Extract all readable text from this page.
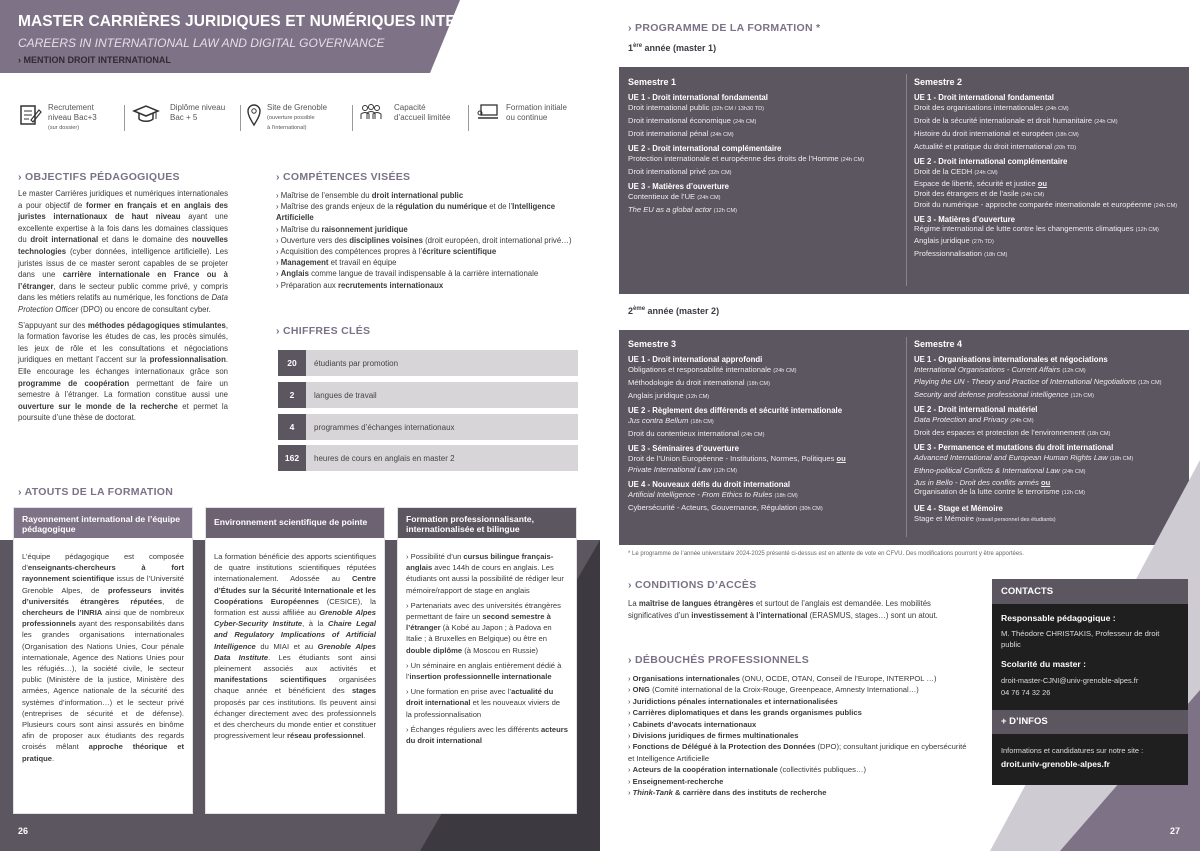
MASTER CARRIÈRES JURIDIQUES ET NUMÉRIQUES INTERNATIONALES
CAREERS IN INTERNATIONAL LAW AND DIGITAL GOVERNANCE
› MENTION DROIT INTERNATIONAL
Recrutement
niveau Bac+3
(sur dossier)
Diplôme niveau
Bac + 5
Site de Grenoble
(ouverture possible
à l’international)
Capacité
d’accueil limitée
Formation initiale
ou continue
› OBJECTIFS PÉDAGOGIQUES
Le master Carrières juridiques et numériques internationales a pour objectif de former en français et en anglais des juristes internationaux de haut niveau ayant une excellente expertise à la fois dans les domaines classiques du droit international et dans le domaine des nouvelles technologies (cyber données, intelligence artificielle). Les juristes issus de ce master seront capables de se projeter dans une carrière internationale en France ou à l’étranger, dans le secteur public comme privé, y compris dans les métiers relatifs au numérique, les fonctions de Data Protection Officer (DPO) ou encore de consultant cyber.

S’appuyant sur des méthodes pédagogiques stimulantes, la formation favorise les études de cas, les procès simulés, les jeux de rôle et les consultations et négociations juridiques en mettant l’accent sur la professionnalisation. Elle encourage les échanges internationaux grâce son programme de coopération permettant de faire un semestre à l’étranger. La formation constitue aussi une ouverture sur le monde de la recherche et permet la poursuite d’une thèse de doctorat.
› COMPÉTENCES VISÉES
› Maîtrise de l’ensemble du droit international public
› Maîtrise des grands enjeux de la régulation du numérique et de l’Intelligence Artificielle
› Maîtrise du raisonnement juridique
› Ouverture vers des disciplines voisines (droit européen, droit international privé…)
› Acquisition des compétences propres à l’écriture scientifique
› Management et travail en équipe
› Anglais comme langue de travail indispensable à la carrière internationale
› Préparation aux recrutements internationaux
› CHIFFRES CLÉS
20	étudiants par promotion
2	langues de travail
4	programmes d’échanges internationaux
162	heures de cours en anglais en master 2
› ATOUTS DE LA FORMATION
Rayonnement international de l’équipe pédagogique
L’équipe pédagogique est composée d’enseignants-chercheurs à fort rayonnement scientifique issus de l’Université Grenoble Alpes, de professeurs invités d’universités étrangères réputées, de chercheurs de l’INRIA ainsi que de nombreux professionnels ayant des responsabilités dans les grandes organisations internationales (Organisation des Nations Unies, Cour pénale internationale, Agence des Nations Unies pour les réfugiés…), la société civile, le secteur public (Ministère de la justice, Ministère des armées, Agence nationale de la sécurité des systèmes d’information…) et le secteur privé (entreprises de sécurité et de défense). Plusieurs cours sont ainsi assurés en binôme afin de proposer aux étudiants des regards croisés mêlant approche théorique et pratique.
Environnement scientifique de pointe
La formation bénéficie des apports scientifiques de quatre institutions scientifiques réputées internationalement. Adossée au Centre d’Études sur la Sécurité Internationale et les Coopérations Européennes (CESICE), la formation est aussi affiliée au Grenoble Alpes Cyber-Security Institute, à la Chaire Legal and Regulatory Implications of Artificial Intelligence du MIAI et au Grenoble Alpes Data Institute. Les étudiants sont ainsi pleinement associés aux activités et manifestations scientifiques organisées chaque année et bénéficient des stages proposés par ces institutions. Ils peuvent ainsi échanger directement avec des professionnels et des chercheurs du monde entier et constituer progressivement leur réseau professionnel.
Formation professionnalisante, internationalisée et bilingue

› Possibilité d’un cursus bilingue français-anglais avec 144h de cours en anglais. Les étudiants ont aussi la possibilité de rédiger leur mémoire/rapport de stage en anglais

› Partenariats avec des universités étrangères permettant de faire un second semestre à l’étranger (à Kobé au Japon ; à Padova en Italie ; à Bruxelles en Belgique) ou être en double diplôme (à Moscou en Russie)

› Un séminaire en anglais entièrement dédié à l’insertion professionnelle internationale

› Une formation en prise avec l’actualité du droit international et les nouveaux viviers de la professionnalisation

› Échanges réguliers avec les différents acteurs du droit international

26
› PROGRAMME DE LA FORMATION *
1ère année (master 1)
Semestre 1
UE 1 - Droit international fondamental
Droit international public (32h CM / 13h30 TD)
Droit international économique (24h CM)
Droit international pénal (24h CM)
UE 2 - Droit international complémentaire
Protection internationale et européenne des droits de l’Homme (24h CM)
Droit international privé (32h CM)
UE 3 - Matières d’ouverture
Contentieux de l’UE (24h CM)
The EU as a global actor (12h CM)
Semestre 2
UE 1 - Droit international fondamental
Droit des organisations internationales (24h CM)
Droit de la sécurité internationale et droit humanitaire (24h CM)
Histoire du droit international et européen (18h CM)
Actualité et pratique du droit international (20h TD)
UE 2 - Droit international complémentaire
Droit de la CEDH (24h CM)
Espace de liberté, sécurité et justice ou
Droit des étrangers et de l’asile (24h CM)
Droit du numérique - approche comparée internationale et européenne (24h CM)
UE 3 - Matières d’ouverture
Régime international de lutte contre les changements climatiques (12h CM)
Anglais juridique (27h TD)
Professionnalisation (18h CM)
2ème année (master 2)
Semestre 3
UE 1 - Droit international approfondi
Obligations et responsabilité internationale (24h CM)
Méthodologie du droit international (18h CM)
Anglais juridique (12h CM)
UE 2 - Règlement des différends et sécurité internationale
Jus contra Bellum (18h CM)
Droit du contentieux international (24h CM)
UE 3 - Séminaires d’ouverture
Droit de l’Union Européenne - Institutions, Normes, Politiques ou
Private International Law (12h CM)
UE 4 - Nouveaux défis du droit international
Artificial Intelligence - From Ethics to Rules (18h CM)
Cybersécurité - Acteurs, Gouvernance, Régulation (30h CM)
Semestre 4
UE 1 - Organisations internationales et négociations
International Organisations - Current Affairs (12h CM)
Playing the UN - Theory and Practice of International Negotiations (12h CM)
Security and defense professional intelligence (12h CM)
UE 2 - Droit international matériel
Data Protection and Privacy (24h CM)
Droit des espaces et protection de l’environnement (18h CM)
UE 3 - Permanence et mutations du droit international
Advanced International and European Human Rights Law (18h CM)
Ethno-political Conflicts & International Law (24h CM)
Jus in Bello - Droit des conflits armés ou
Organisation de la lutte contre le terrorisme (12h CM)
UE 4 - Stage et Mémoire
Stage et Mémoire (travail personnel des étudiants)
* Le programme de l’année universitaire 2024-2025 présenté ci-dessus est en attente de vote en CFVU. Des modifications pourront y être apportées.
› CONDITIONS D’ACCÈS
La maîtrise de langues étrangères et surtout de l’anglais est demandée. Les mobilités significatives d’un investissement à l’international (ERASMUS, stages…) sont un atout.
› DÉBOUCHÉS PROFESSIONNELS
› Organisations internationales (ONU, OCDE, OTAN, Conseil de l’Europe, INTERPOL …)
› ONG (Comité international de la Croix-Rouge, Greenpeace, Amnesty International…)
› Juridictions pénales internationales et internationalisées
› Carrières diplomatiques et dans les grands organismes publics
› Cabinets d’avocats internationaux
› Divisions juridiques de firmes multinationales
› Fonctions de Délégué à la Protection des Données (DPO); consultant juridique en cybersécurité et Intelligence Artificielle
› Acteurs de la coopération internationale (collectivités publiques…)
› Enseignement-recherche
› Think-Tank & carrière dans des instituts de recherche
CONTACTS
Responsable pédagogique :
M. Théodore CHRISTAKIS, Professeur de droit public
Scolarité du master :
droit-master-CJNI@univ-grenoble-alpes.fr
04 76 74 32 26
+ D’INFOS
Informations et candidatures sur notre site :
droit.univ-grenoble-alpes.fr
27
